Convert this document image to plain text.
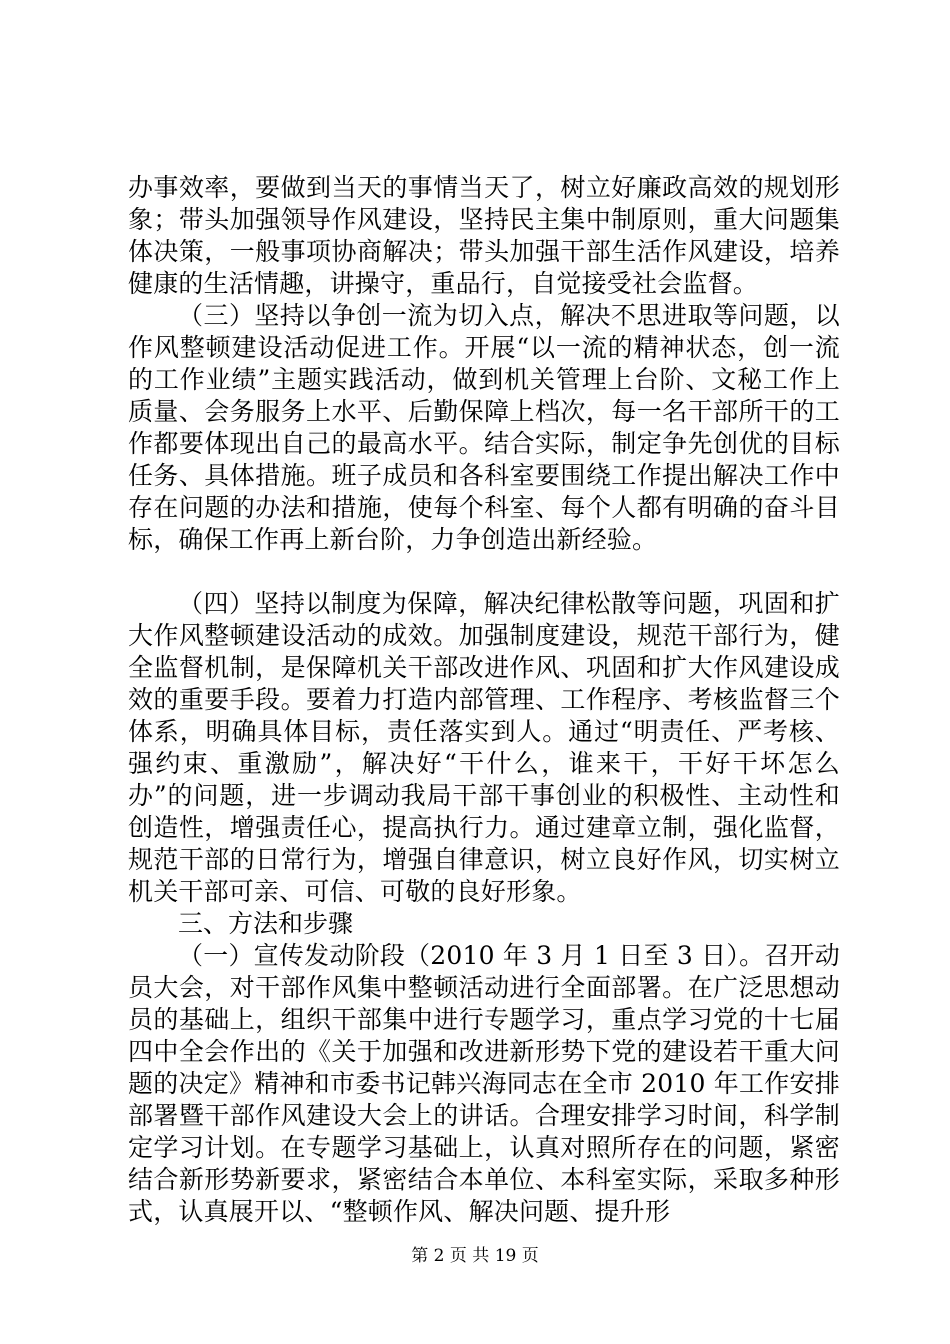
办事效率，要做到当天的事情当天了，树立好廉政高效的规划形象；带头加强领导作风建设，坚持民主集中制原则，重大问题集体决策，一般事项协商解决；带头加强干部生活作风建设，培养健康的生活情趣，讲操守，重品行，自觉接受社会监督。

（三）坚持以争创一流为切入点，解决不思进取等问题，以作风整顿建设活动促进工作。开展“以一流的精神状态，创一流的工作业绩”主题实践活动，做到机关管理上台阶、文秘工作上质量、会务服务上水平、后勤保障上档次，每一名干部所干的工作都要体现出自己的最高水平。结合实际，制定争先创优的目标任务、具体措施。班子成员和各科室要围绕工作提出解决工作中存在问题的办法和措施，使每个科室、每个人都有明确的奋斗目标，确保工作再上新台阶，力争创造出新经验。

（四）坚持以制度为保障，解决纪律松散等问题，巩固和扩大作风整顿建设活动的成效。加强制度建设，规范干部行为，健全监督机制，是保障机关干部改进作风、巩固和扩大作风建设成效的重要手段。要着力打造内部管理、工作程序、考核监督三个体系，明确具体目标，责任落实到人。通过“明责任、严考核、强约束、重激励”，解决好“干什么，谁来干，干好干坏怎么办”的问题，进一步调动我局干部干事创业的积极性、主动性和创造性，增强责任心，提高执行力。通过建章立制，强化监督，规范干部的日常行为，增强自律意识，树立良好作风，切实树立机关干部可亲、可信、可敬的良好形象。

三、方法和步骤

（一）宣传发动阶段（2010 年 3 月 1 日至 3 日）。召开动员大会，对干部作风集中整顿活动进行全面部署。在广泛思想动员的基础上，组织干部集中进行专题学习，重点学习党的十七届四中全会作出的《关于加强和改进新形势下党的建设若干重大问题的决定》精神和市委书记韩兴海同志在全市 2010 年工作安排部署暨干部作风建设大会上的讲话。合理安排学习时间，科学制定学习计划。在专题学习基础上，认真对照所存在的问题，紧密结合新形势新要求，紧密结合本单位、本科室实际，采取多种形式，认真展开以、“整顿作风、解决问题、提升形

第 2 页 共 19 页
